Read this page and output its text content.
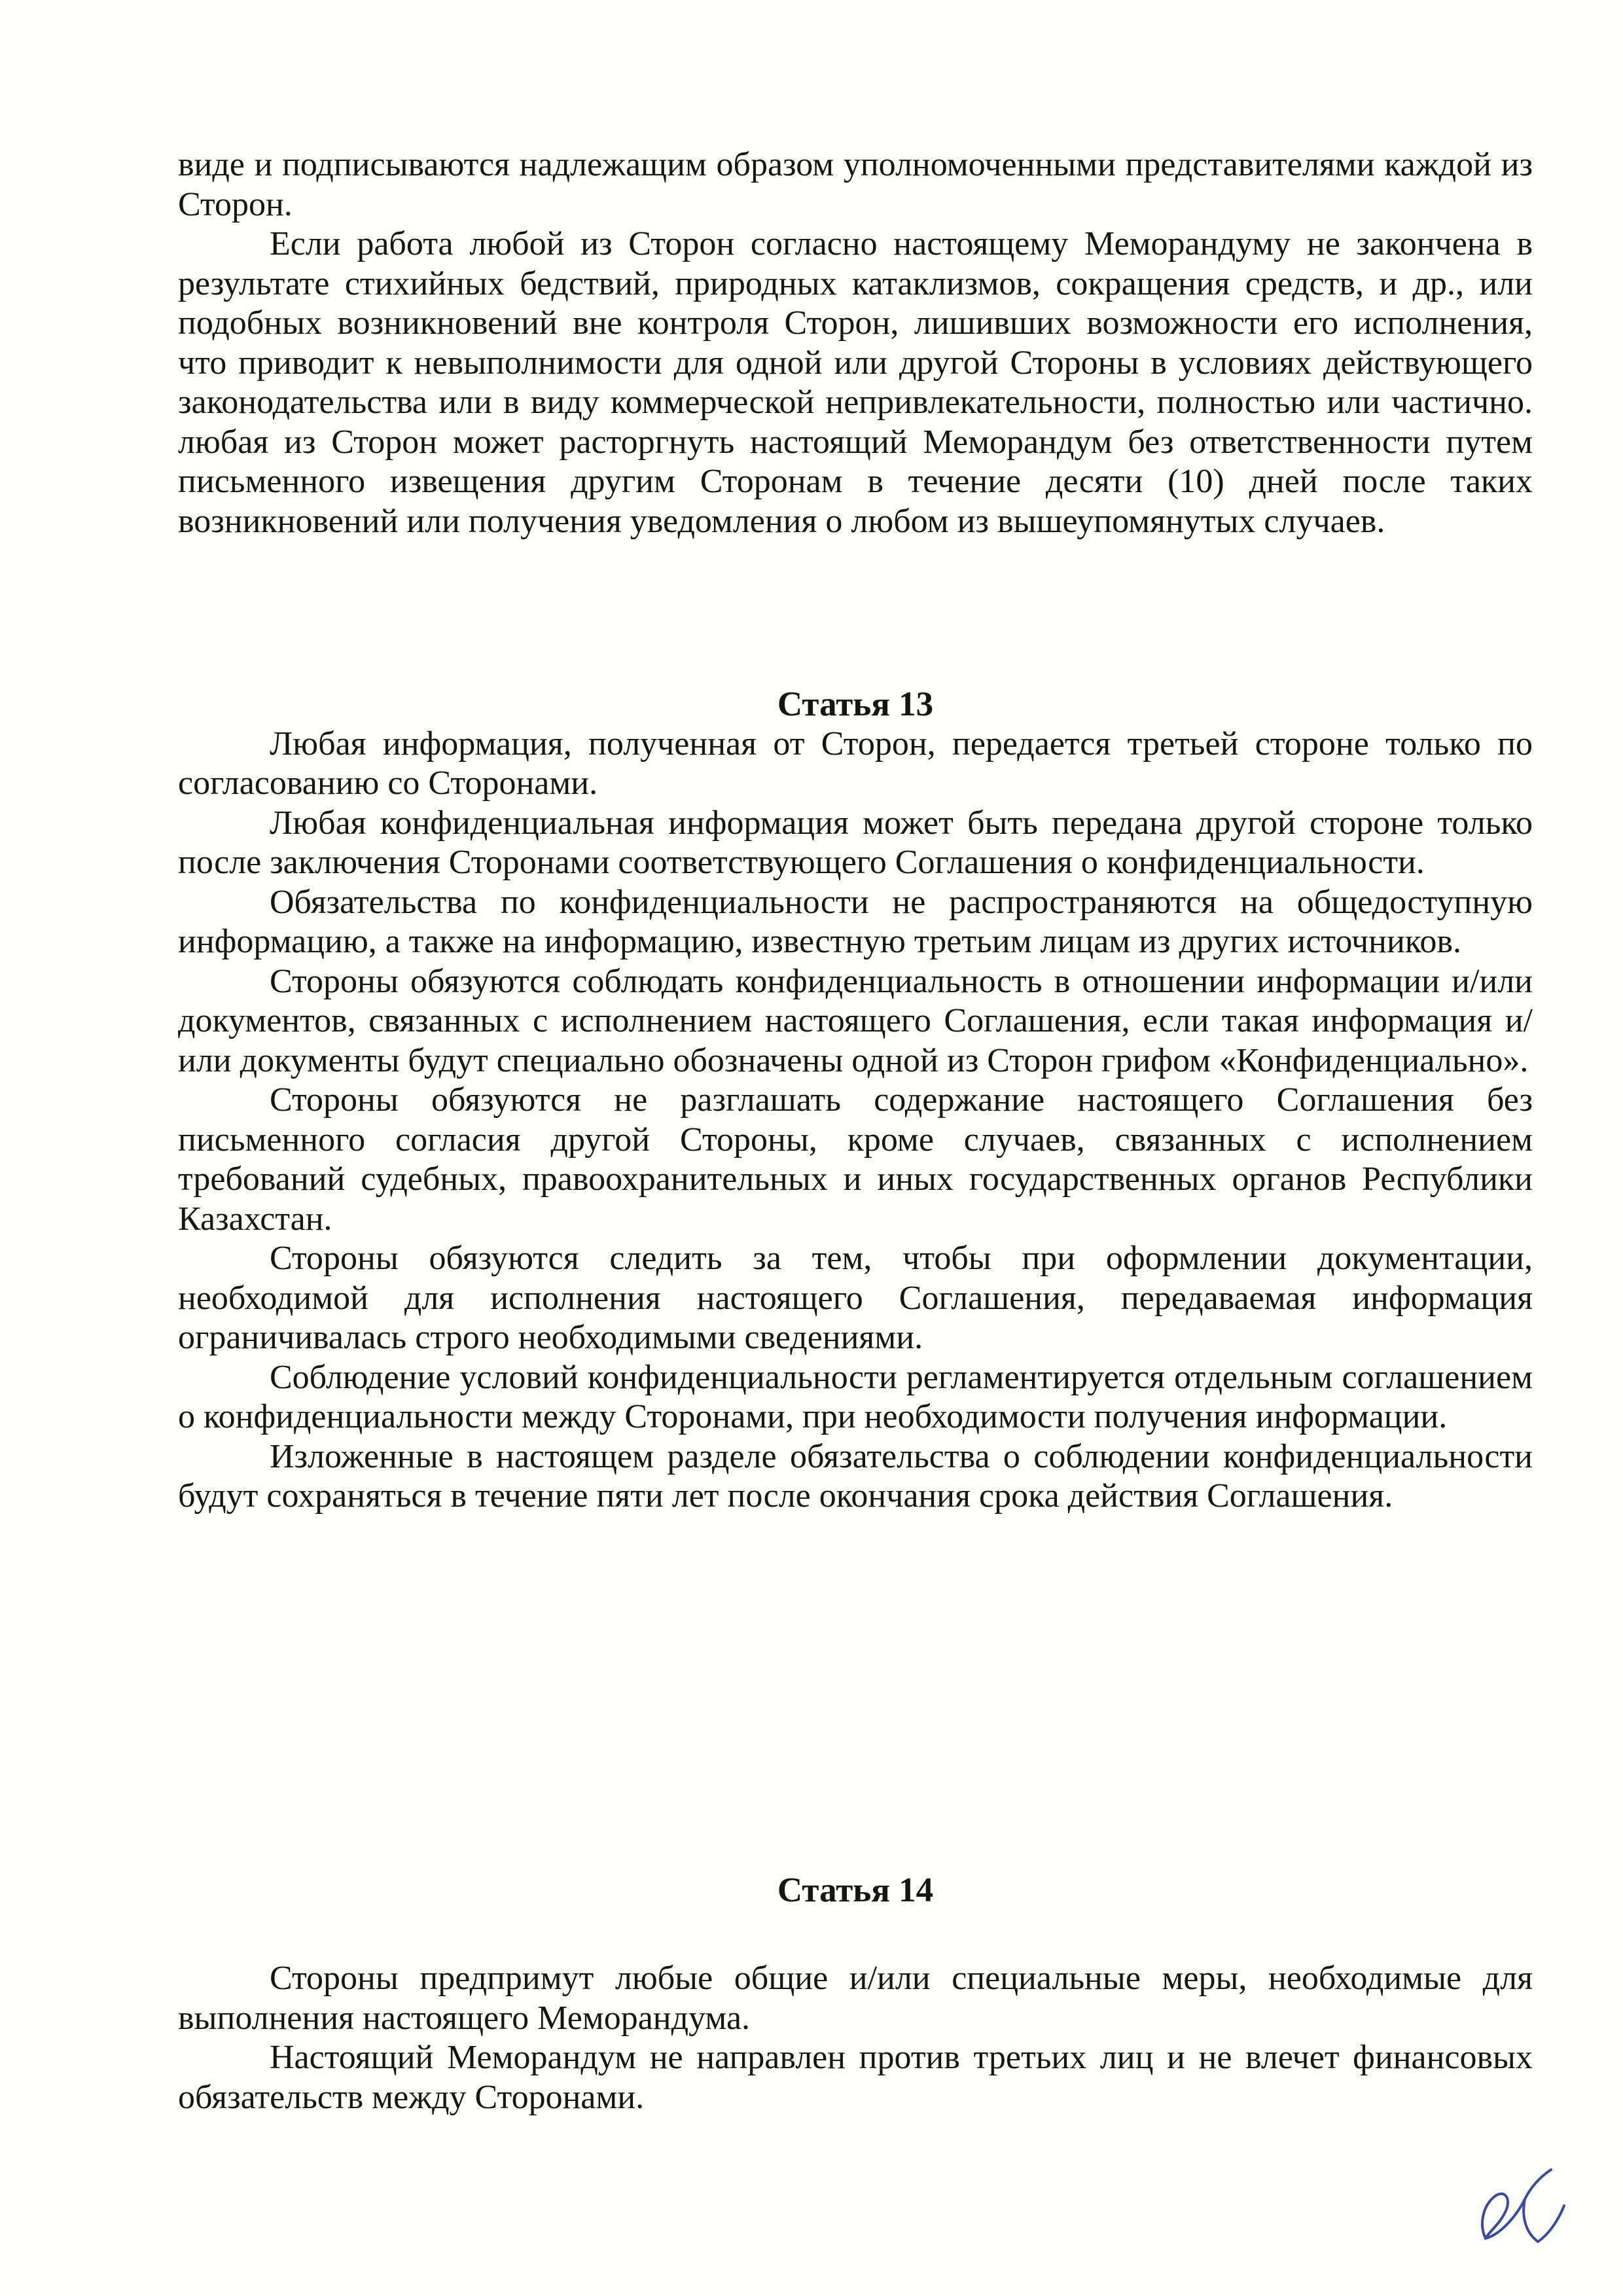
виде и подписываются надлежащим образом уполномоченными представителями каждой из Сторон.

Если работа любой из Сторон согласно настоящему Меморандуму не закончена в результате стихийных бедствий, природных катаклизмов, сокращения средств, и др., или подобных возникновений вне контроля Сторон, лишивших возможности его исполнения, что приводит к невыполнимости для одной или другой Стороны в условиях действующего законодательства или в виду коммерческой непривлекательности, полностью или частично. любая из Сторон может расторгнуть настоящий Меморандум без ответственности путем письменного извещения другим Сторонам в течение десяти (10) дней после таких возникновений или получения уведомления о любом из вышеупомянутых случаев.

Статья 13

Любая информация, полученная от Сторон, передается третьей стороне только по согласованию со Сторонами.

Любая конфиденциальная информация может быть передана другой стороне только после заключения Сторонами соответствующего Соглашения о конфиденциальности.

Обязательства по конфиденциальности не распространяются на общедоступную информацию, а также на информацию, известную третьим лицам из других источников.

Стороны обязуются соблюдать конфиденциальность в отношении информации и/или документов, связанных с исполнением настоящего Соглашения, если такая информация и/или документы будут специально обозначены одной из Сторон грифом «Конфиденциально».

Стороны обязуются не разглашать содержание настоящего Соглашения без письменного согласия другой Стороны, кроме случаев, связанных с исполнением требований судебных, правоохранительных и иных государственных органов Республики Казахстан.

Стороны обязуются следить за тем, чтобы при оформлении документации, необходимой для исполнения настоящего Соглашения, передаваемая информация ограничивалась строго необходимыми сведениями.

Соблюдение условий конфиденциальности регламентируется отдельным соглашением о конфиденциальности между Сторонами, при необходимости получения информации.

Изложенные в настоящем разделе обязательства о соблюдении конфиденциальности будут сохраняться в течение пяти лет после окончания срока действия Соглашения.

Статья 14

Стороны предпримут любые общие и/или специальные меры, необходимые для выполнения настоящего Меморандума.

Настоящий Меморандум не направлен против третьих лиц и не влечет финансовых обязательств между Сторонами.
